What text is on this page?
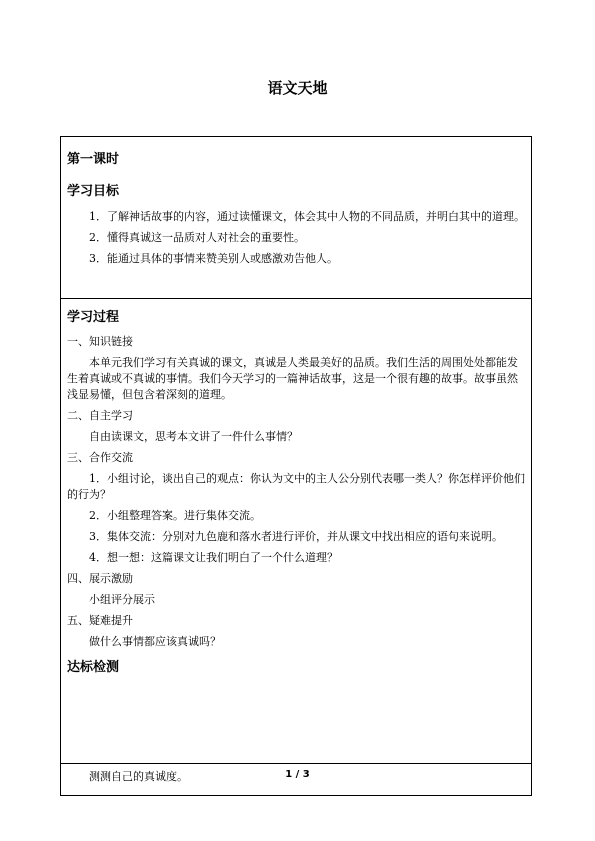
语文天地
第一课时
学习目标
1．了解神话故事的内容，通过读懂课文，体会其中人物的不同品质，并明白其中的道理。
2．懂得真诚这一品质对人对社会的重要性。
3．能通过具体的事情来赞美别人或感激劝告他人。
学习过程
一、知识链接
本单元我们学习有关真诚的课文，真诚是人类最美好的品质。我们生活的周围处处都能发生着真诚或不真诚的事情。我们今天学习的一篇神话故事，这是一个很有趣的故事。故事虽然浅显易懂，但包含着深刻的道理。
二、自主学习
自由读课文，思考本文讲了一件什么事情？
三、合作交流
1．小组讨论，谈出自己的观点：你认为文中的主人公分别代表哪一类人？你怎样评价他们的行为？
2．小组整理答案。进行集体交流。
3．集体交流：分别对九色鹿和落水者进行评价，并从课文中找出相应的语句来说明。
4．想一想：这篇课文让我们明白了一个什么道理？
四、展示激励
小组评分展示
五、疑难提升
做什么事情都应该真诚吗？
达标检测
测测自己的真诚度。	1 / 3
